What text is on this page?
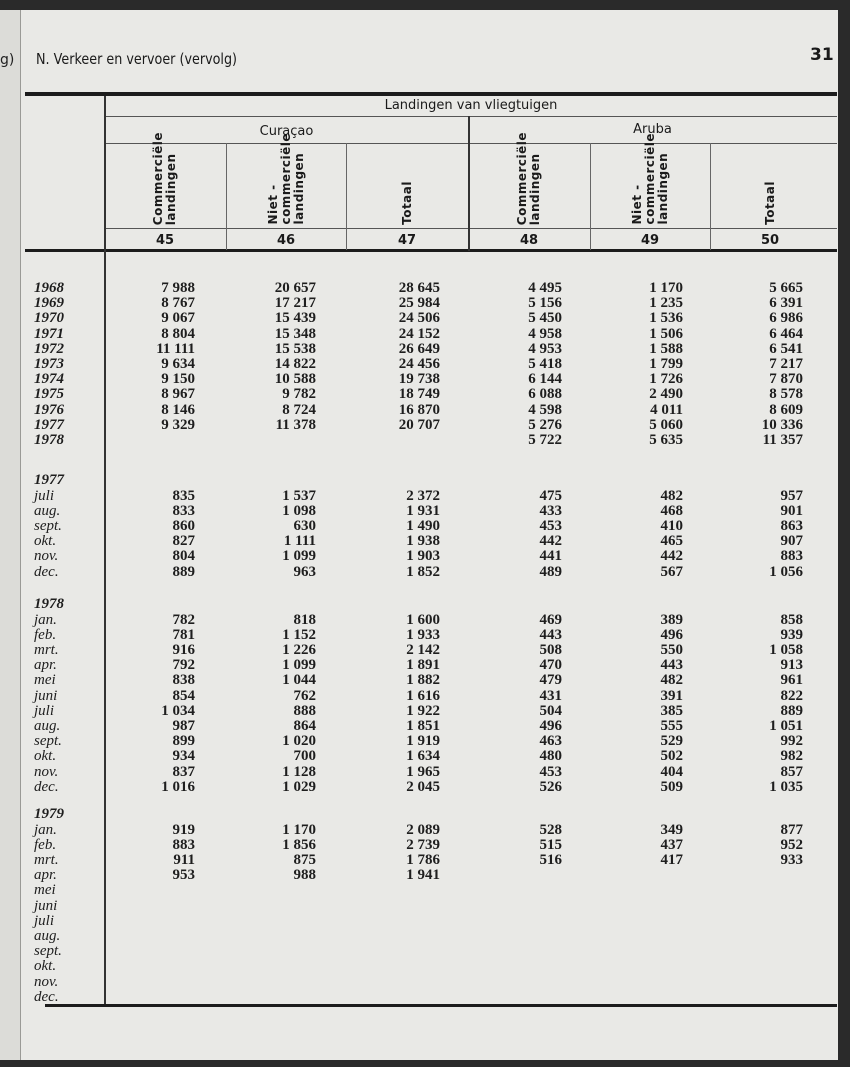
g) N. Verkeer en vervoer (vervolg)	31
Landingen van vliegtuigen
Curaçao	Aruba
Commerciële
landingen
45
Niet -
commerciële
landingen
46
Totaal
47
Commerciële
landingen
48
Niet -
commerciële
landingen
49
Totaal
50
1968
1969
1970
1971
1972
1973
1974
1975
1976
1977
1978
7 988
8 767
9 067
8 804
11 111
9 634
9 150
8 967
8 146
9 329
20 657
17 217
15 439
15 348
15 538
14 822
10 588
9 782
8 724
11 378
28 645
25 984
24 506
24 152
26 649
24 456
19 738
18 749
16 870
20 707
4 495
5 156
5 450
4 958
4 953
5 418
6 144
6 088
4 598
5 276
5 722
1 170
1 235
1 536
1 506
1 588
1 799
1 726
2 490
4 011
5 060
5 635
5 665
6 391
6 986
6 464
6 541
7 217
7 870
8 578
8 609
10 336
11 357
1977
juli
aug.
sept.
okt.
nov.
dec.
835
833
860
827
804
889
1 537
1 098
630
1 111
1 099
963
2 372
1 931
1 490
1 938
1 903
1 852
475
433
453
442
441
489
482
468
410
465
442
567
957
901
863
907
883
1 056
1978
jan.
feb.
mrt.
apr.
mei
juni
juli
aug.
sept.
okt.
nov.
dec.
782
781
916
792
838
854
1 034
987
899
934
837
1 016
818
1 152
1 226
1 099
1 044
762
888
864
1 020
700
1 128
1 029
1 600
1 933
2 142
1 891
1 882
1 616
1 922
1 851
1 919
1 634
1 965
2 045
469
443
508
470
479
431
504
496
463
480
453
526
389
496
550
443
482
391
385
555
529
502
404
509
858
939
1 058
913
961
822
889
1 051
992
982
857
1 035
1979
jan.
feb.
mrt.
apr.
mei
juni
juli
aug.
sept.
okt.
nov.
dec.
919
883
911
953
1 170
1 856
875
988
2 089
2 739
1 786
1 941
528
515
516
349
437
417
877
952
933
